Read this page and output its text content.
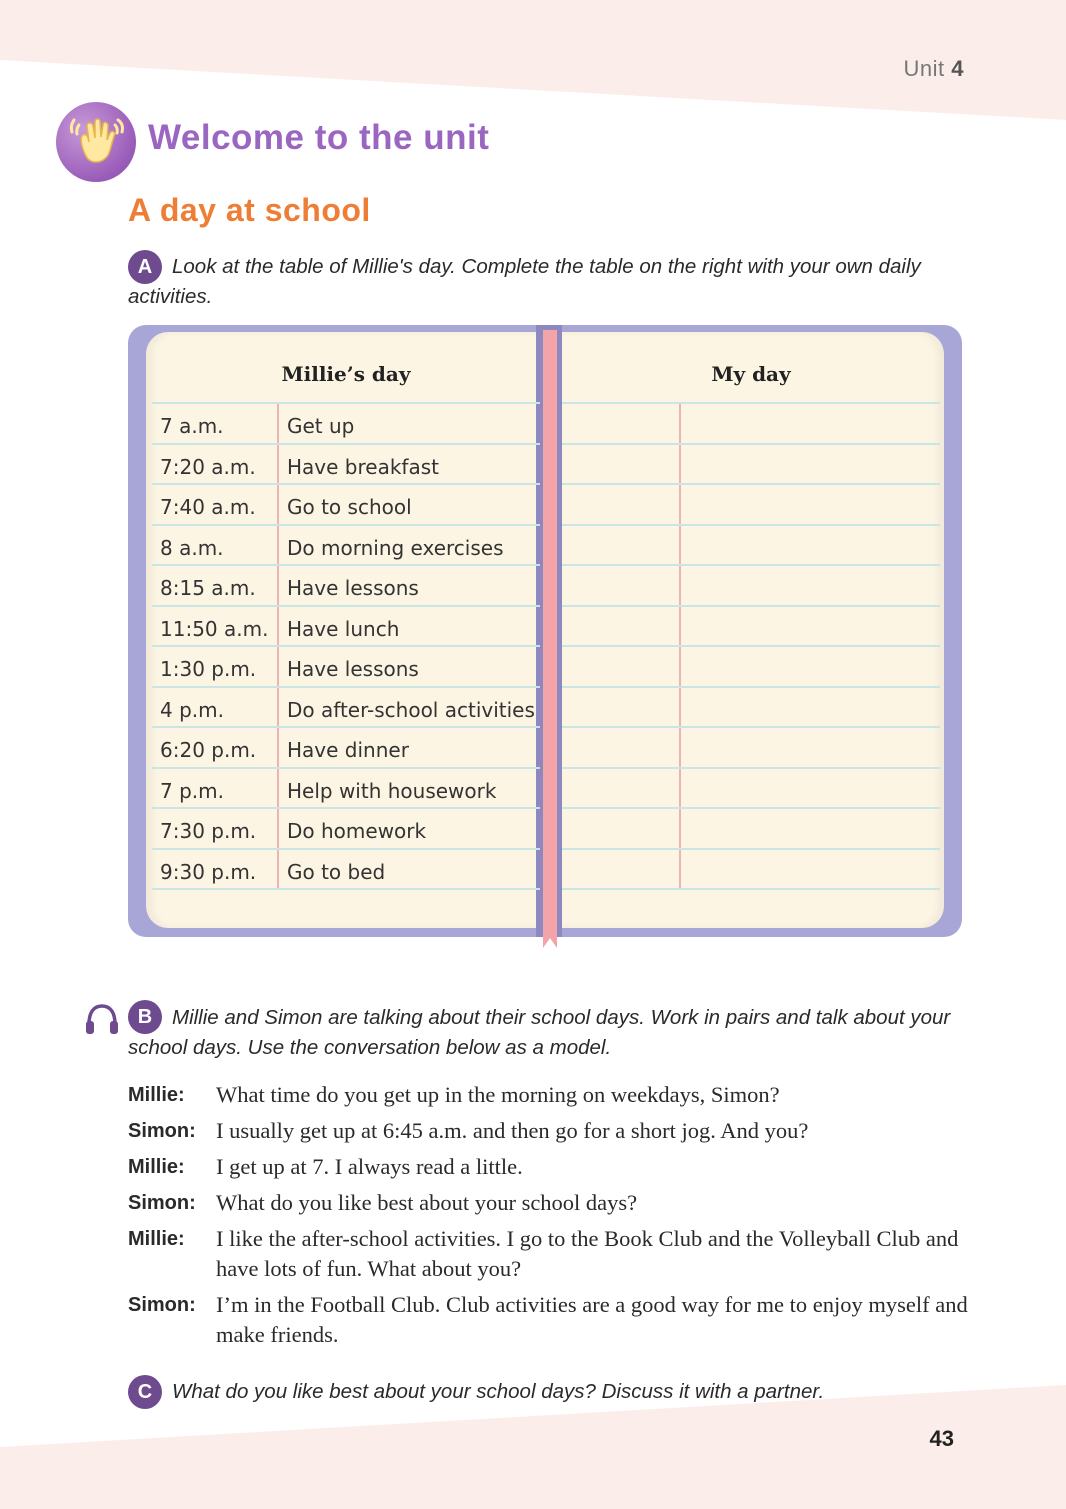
Unit 4
Welcome to the unit
A day at school
A Look at the table of Millie's day. Complete the table on the right with your own daily activities.
Millie’s day	
7 a.m.	Get up
7:20 a.m.	Have breakfast
7:40 a.m.	Go to school
8 a.m.	Do morning exercises
8:15 a.m.	Have lessons
11:50 a.m.	Have lunch
1:30 p.m.	Have lessons
4 p.m.	Do after-school activities
6:20 p.m.	Have dinner
7 p.m.	Help with housework
7:30 p.m.	Do homework
9:30 p.m.	Go to bed
My day	

B Millie and Simon are talking about their school days. Work in pairs and talk about your school days. Use the conversation below as a model.
Millie:	What time do you get up in the morning on weekdays, Simon?
Simon: I usually get up at 6:45 a.m. and then go for a short jog. And you?
Millie:	I get up at 7. I always read a little.
Simon: What do you like best about your school days?
Millie:	I like the after-school activities. I go to the Book Club and the Volleyball Club and have lots of fun. What about you?
Simon: I’m in the Football Club. Club activities are a good way for me to enjoy myself and make friends.
C What do you like best about your school days? Discuss it with a partner.
43
